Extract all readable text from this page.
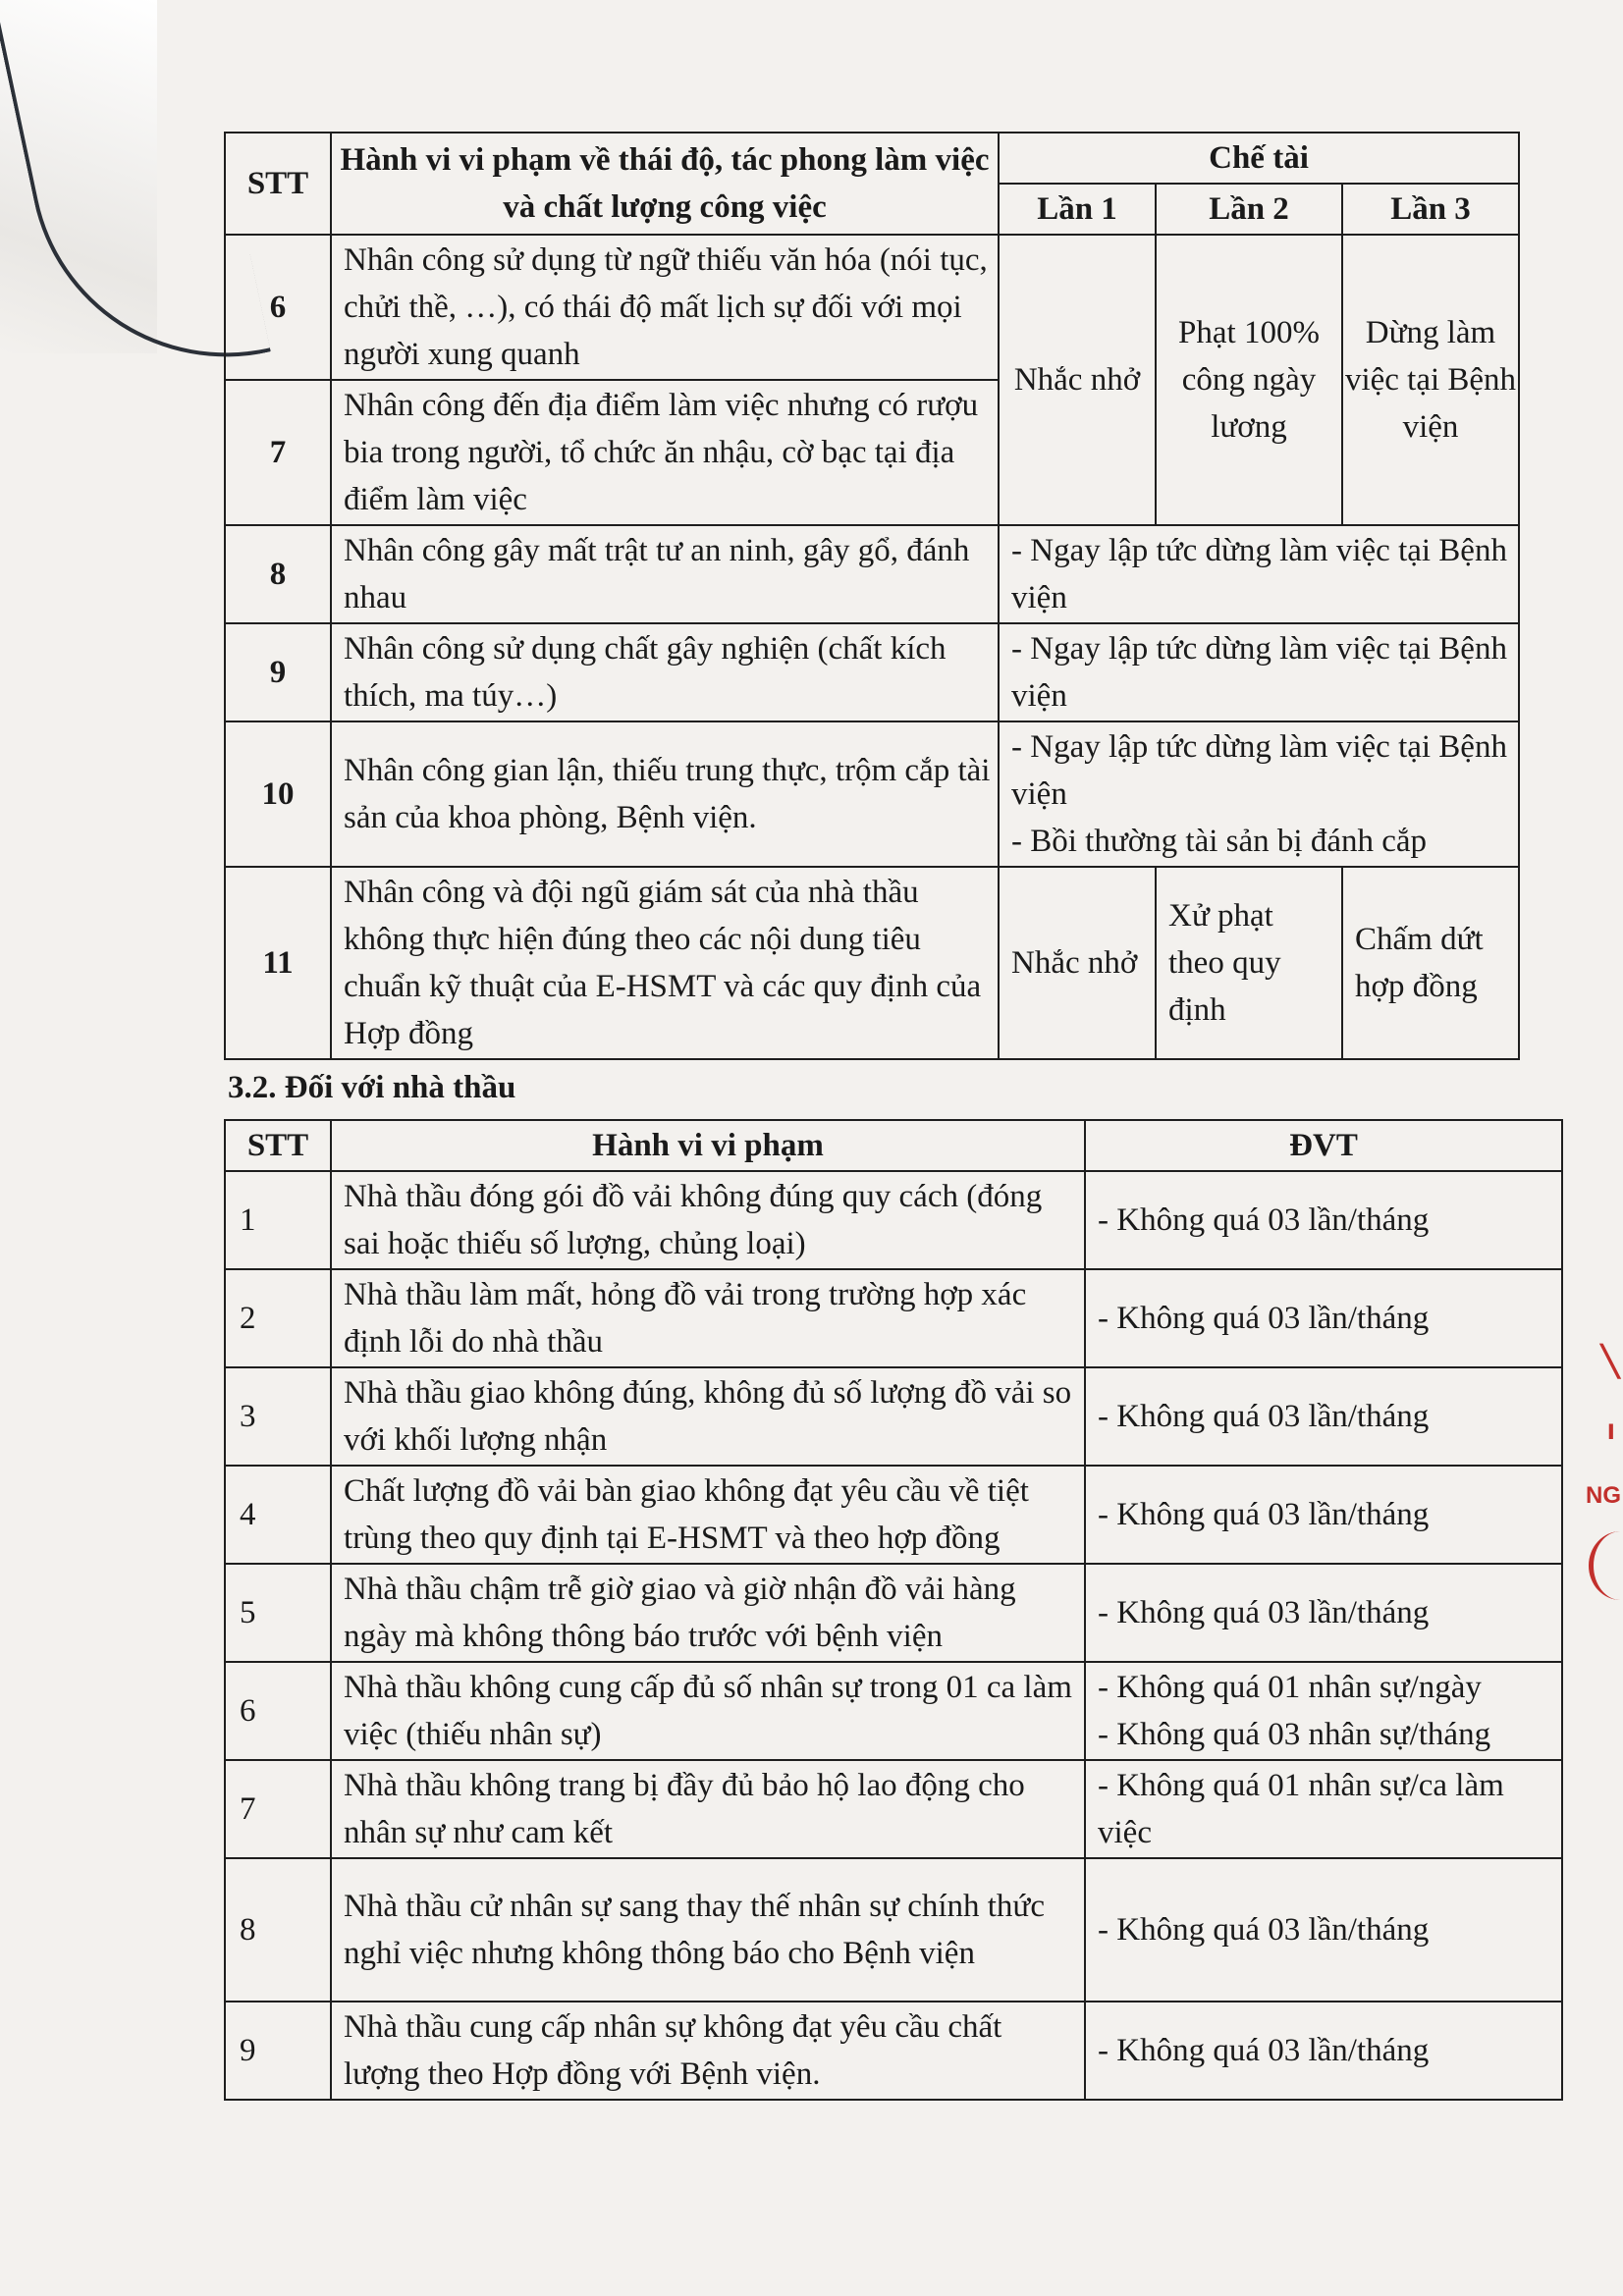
STT	Hành vi vi phạm về thái độ, tác phong làm việc và chất lượng công việc	Chế tài		
		Lần 1	Lần 2	Lần 3
6	Nhân công sử dụng từ ngữ thiếu văn hóa (nói tục, chửi thề, …), có thái độ mất lịch sự đối với mọi người xung quanh	Nhắc nhở	Phạt 100% công ngày lương	Dừng làm việc tại Bệnh viện
7	Nhân công đến địa điểm làm việc nhưng có rượu bia trong người, tổ chức ăn nhậu, cờ bạc tại địa điểm làm việc			
8	Nhân công gây mất trật tư an ninh, gây gổ, đánh nhau	- Ngay lập tức dừng làm việc tại Bệnh viện		
9	Nhân công sử dụng chất gây nghiện (chất kích thích, ma túy…)	- Ngay lập tức dừng làm việc tại Bệnh viện		
10	Nhân công gian lận, thiếu trung thực, trộm cắp tài sản của khoa phòng, Bệnh viện.	- Ngay lập tức dừng làm việc tại Bệnh viện
- Bồi thường tài sản bị đánh cắp		
11	Nhân công và đội ngũ giám sát của nhà thầu không thực hiện đúng theo các nội dung tiêu chuẩn kỹ thuật của E-HSMT và các quy định của Hợp đồng	Nhắc nhở	Xử phạt theo quy định	Chấm dứt hợp đồng
3.2. Đối với nhà thầu
STT	Hành vi vi phạm	ĐVT
1	Nhà thầu đóng gói đồ vải không đúng quy cách (đóng sai hoặc thiếu số lượng, chủng loại)	- Không quá 03 lần/tháng
2	Nhà thầu làm mất, hỏng đồ vải trong trường hợp xác định lỗi do nhà thầu	- Không quá 03 lần/tháng
3	Nhà thầu giao không đúng, không đủ số lượng đồ vải so với khối lượng nhận	- Không quá 03 lần/tháng
4	Chất lượng đồ vải bàn giao không đạt yêu cầu về tiệt trùng theo quy định tại E-HSMT và theo hợp đồng	- Không quá 03 lần/tháng
5	Nhà thầu chậm trễ giờ giao và giờ nhận đồ vải hàng ngày mà không thông báo trước với bệnh viện	- Không quá 03 lần/tháng
6	Nhà thầu không cung cấp đủ số nhân sự trong 01 ca làm việc (thiếu nhân sự)	- Không quá 01 nhân sự/ngày
- Không quá 03 nhân sự/tháng
7	Nhà thầu không trang bị đầy đủ bảo hộ lao động cho nhân sự như cam kết	- Không quá 01 nhân sự/ca làm việc
8	Nhà thầu cử nhân sự sang thay thế nhân sự chính thức nghỉ việc nhưng không thông báo cho Bệnh viện	- Không quá 03 lần/tháng
9	Nhà thầu cung cấp nhân sự không đạt yêu cầu chất lượng theo Hợp đồng với Bệnh viện.	- Không quá 03 lần/tháng
╲
ı
NG
